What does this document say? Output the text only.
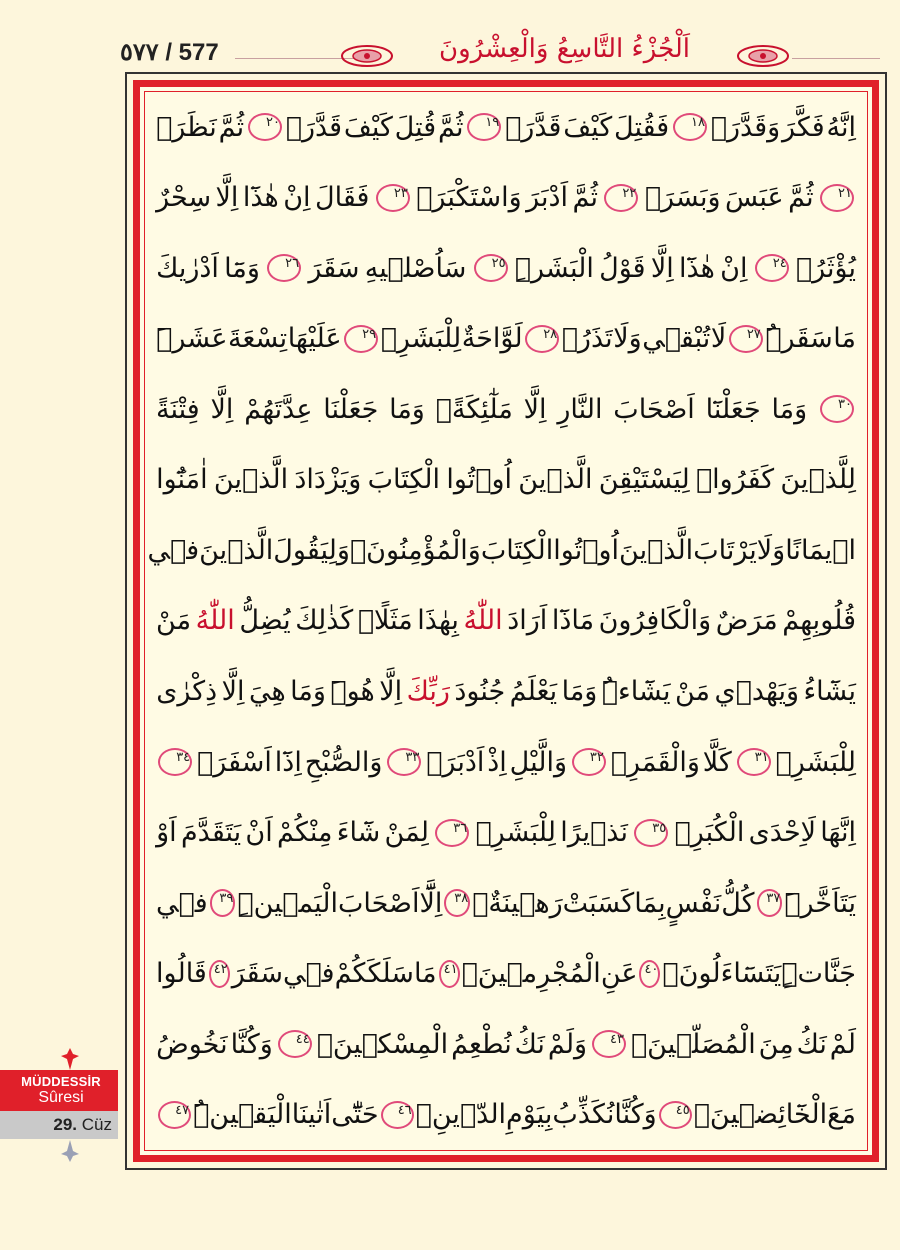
٥٧٧ / 577	اَلْجُزْءُ التَّاسِعُ وَالْعِشْرُونَ
اِنَّهُ
فَكَّرَ
وَقَدَّرَۙ
١٨
فَقُتِلَ
كَيْفَ
قَدَّرَۙ
١٩
ثُمَّ
قُتِلَ
كَيْفَ
قَدَّرَۙ
٢٠
ثُمَّ
نَظَرَۙ
٢١
ثُمَّ
عَبَسَ
وَبَسَرَۙ
٢٢
ثُمَّ
اَدْبَرَ
وَاسْتَكْبَرَۙ
٢٣
فَقَالَ
اِنْ
هٰذَٓا
اِلَّا
سِحْرٌ
يُؤْثَرُۙ
٢٤
اِنْ
هٰذَٓا
اِلَّا
قَوْلُ
الْبَشَرِۜ
٢٥
سَاُصْلٖيهِ
سَقَرَ
٢٦
وَمَٓا
اَدْرٰيكَ
مَا
سَقَرُۜ
٢٧
لَا
تُبْقٖي
وَلَا
تَذَرُۚ
٢٨
لَوَّاحَةٌ
لِلْبَشَرِۚ
٢٩
عَلَيْهَا
تِسْعَةَ
عَشَرَۜ
٣٠
وَمَا
جَعَلْنَٓا
اَصْحَابَ
النَّارِ
اِلَّا
مَلٰٓئِكَةًۖ
وَمَا
جَعَلْنَا
عِدَّتَهُمْ
اِلَّا
فِتْنَةً
لِلَّذٖينَ
كَفَرُواۙ
لِيَسْتَيْقِنَ
الَّذٖينَ
اُو۫تُوا
الْكِتَابَ
وَيَزْدَادَ
الَّذٖينَ
اٰمَنُٓوا
اٖيمَانًا
وَلَا
يَرْتَابَ
الَّذٖينَ
اُو۫تُوا
الْكِتَابَ
وَالْمُؤْمِنُونَۙ
وَلِيَقُولَ
الَّذٖينَ
فٖي
قُلُوبِهِمْ
مَرَضٌ
وَالْكَافِرُونَ
مَاذَٓا
اَرَادَ
اللّٰهُ
بِهٰذَا
مَثَلًاۜ
كَذٰلِكَ
يُضِلُّ
اللّٰهُ
مَنْ
يَشَٓاءُ
وَيَهْدٖي
مَنْ
يَشَٓاءُۜ
وَمَا
يَعْلَمُ
جُنُودَ
رَبِّكَ
اِلَّا
هُوَۜ
وَمَا
هِيَ
اِلَّا
ذِكْرٰى
لِلْبَشَرِۚ
٣١
كَلَّا
وَالْقَمَرِۙ
٣٢
وَالَّيْلِ
اِذْ
اَدْبَرَۙ
٣٣
وَالصُّبْحِ
اِذَٓا
اَسْفَرَۙ
٣٤
اِنَّهَا
لَاِحْدَى
الْكُبَرِۙ
٣٥
نَذٖيرًا
لِلْبَشَرِۙ
٣٦
لِمَنْ
شَٓاءَ
مِنْكُمْ
اَنْ
يَتَقَدَّمَ
اَوْ
يَتَاَخَّرَۜ
٣٧
كُلُّ
نَفْسٍ
بِمَا
كَسَبَتْ
رَهٖينَةٌۙ
٣٨
اِلَّٓا
اَصْحَابَ
الْيَمٖينِۜ
٣٩
فٖي
جَنَّاتٍۜ
يَتَسَٓاءَلُونَۙ
٤٠
عَنِ
الْمُجْرِمٖينَۙ
٤١
مَا
سَلَكَكُمْ
فٖي
سَقَرَ
٤٢
قَالُوا
لَمْ
نَكُ
مِنَ
الْمُصَلّٖينَۙ
٤٣
وَلَمْ
نَكُ
نُطْعِمُ
الْمِسْكٖينَۙ
٤٤
وَكُنَّا
نَخُوضُ
مَعَ
الْخَٓائِضٖينَۙ
٤٥
وَكُنَّا
نُكَذِّبُ
بِيَوْمِ
الدّٖينِۙ
٤٦
حَتّٰٓى
اَتٰينَا
الْيَقٖينُۜ
٤٧
MÜDDESSİR
Sûresi
29. Cüz
